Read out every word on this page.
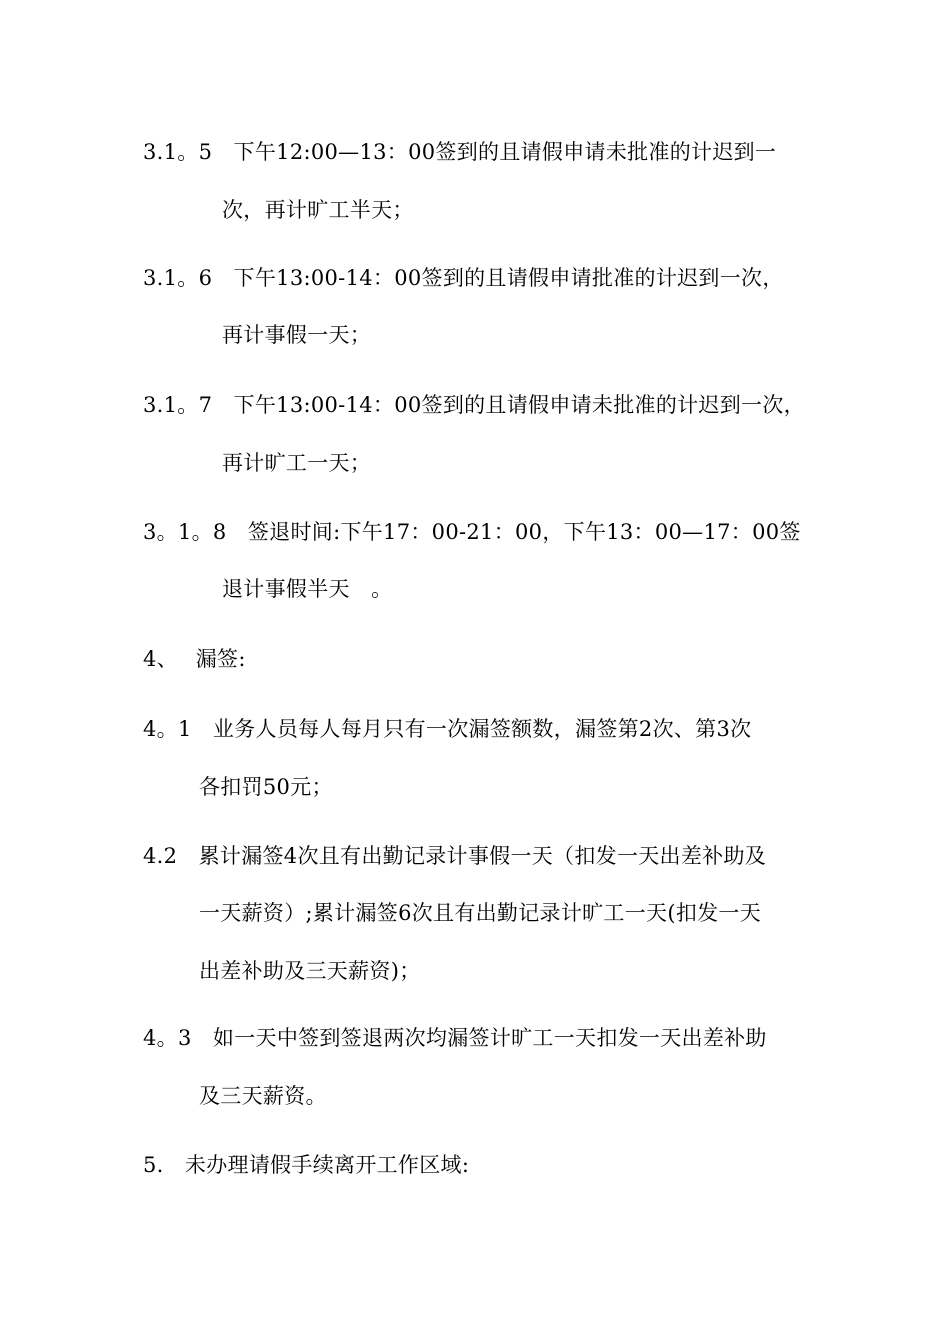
3.1。5　下午12:00—13：00签到的且请假申请未批准的计迟到一
次，再计旷工半天；
3.1。6　下午13:00-14：00签到的且请假申请批准的计迟到一次，
再计事假一天；
3.1。7　下午13:00-14：00签到的且请假申请未批准的计迟到一次，
再计旷工一天；
3。1。8　签退时间:下午17：00-21：00，下午13：00—17：00签
退计事假半天　。
4、　 漏签:
4。1　业务人员每人每月只有一次漏签额数，漏签第2次、第3次
各扣罚50元；
4.2　累计漏签4次且有出勤记录计事假一天（扣发一天出差补助及
一天薪资）;累计漏签6次且有出勤记录计旷工一天(扣发一天
出差补助及三天薪资)；
4。3　如一天中签到签退两次均漏签计旷工一天扣发一天出差补助
及三天薪资。
5.　未办理请假手续离开工作区域:
